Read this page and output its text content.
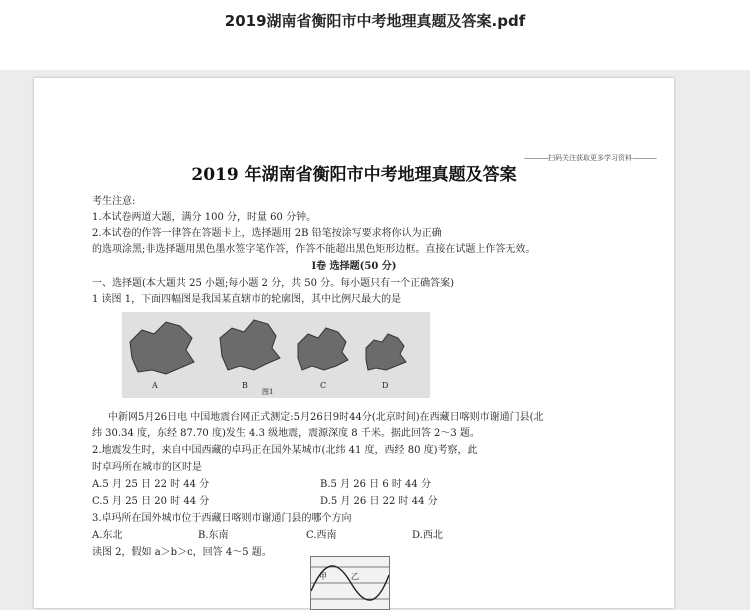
2019湖南省衡阳市中考地理真题及答案.pdf
———— 扫码关注获取更多学习资料 ————
2019 年湖南省衡阳市中考地理真题及答案
考生注意:
1.本试卷两道大题，满分 100 分，时量 60 分钟。
2.本试卷的作答一律答在答题卡上，选择题用 2B 铅笔按涂写要求将你认为正确
的选项涂黑;非选择题用黑色墨水签字笔作答，作答不能超出黑色矩形边框。直接在试题上作答无效。
Ⅰ卷 选择题(50 分)
一、选择题(本大题共 25 小题;每小题 2 分，共 50 分。每小题只有一个正确答案)
1 读图 1，下面四幅图是我国某直辖市的轮廓图，其中比例尺最大的是
A	B
图1
C	D
中新网5月26日电 中国地震台网正式测定:5月26日9时44分(北京时间)在西藏日喀则市谢通门县(北
纬 30.34 度，东经 87.70 度)发生 4.3 级地震，震源深度 8 千米。据此回答 2～3 题。
2.地震发生时，来自中国西藏的卓玛正在国外某城市(北纬 41 度，西经 80 度)考察，此
时卓玛所在城市的区时是
A.5 月 25 日 22 时 44 分	B.5 月 26 日 6 时 44 分
C.5 月 25 日 20 时 44 分	D.5 月 26 日 22 时 44 分
3.卓玛所在国外城市位于西藏日喀则市谢通门县的哪个方向
A.东北	B.东南	C.西南	D.西北
读图 2，假如 a＞b＞c，回答 4～5 题。
甲	乙
